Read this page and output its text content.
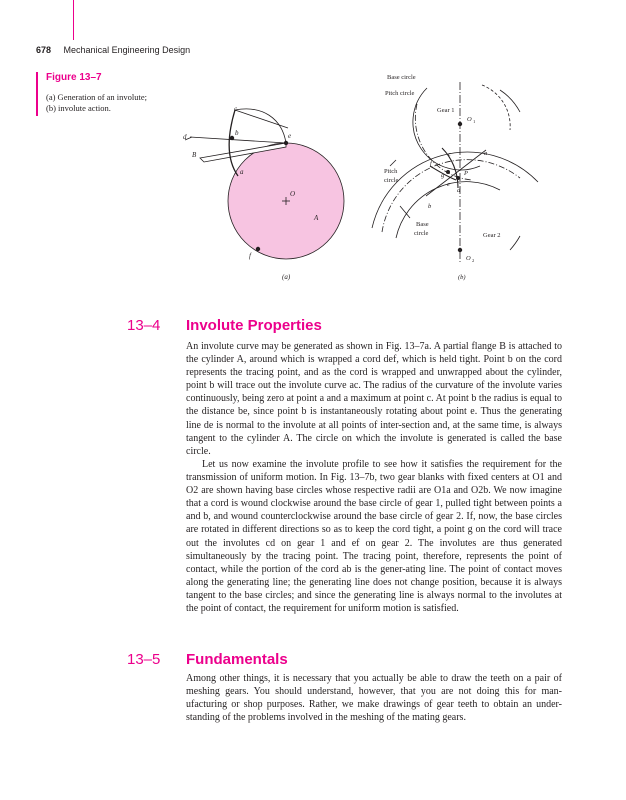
678 Mechanical Engineering Design
Figure 13–7
(a) Generation of an involute;
(b) involute action.	c
d	b	e
B
a
O
A
f
(a)
Base circle
Pitch circle
Gear 1
O 1
c	a
f
Pitch
circle
g	P
e
d
b
Base
circle	Gear 2
O 2
(b)
13–4 Involute Properties

An involute curve may be generated as shown in Fig. 13–7a. A partial flange B is attached to the cylinder A, around which is wrapped a cord def, which is held tight. Point b on the cord represents the tracing point, and as the cord is wrapped and unwrapped about the cylinder, point b will trace out the involute curve ac. The radius of the curvature of the involute varies continuously, being zero at point a and a maximum at point c. At point b the radius is equal to the distance be, since point b is instantaneously rotating about point e. Thus the generating line de is normal to the involute at all points of inter-section and, at the same time, is always tangent to the cylinder A. The circle on which the involute is generated is called the base circle.

Let us now examine the involute profile to see how it satisfies the requirement for the transmission of uniform motion. In Fig. 13–7b, two gear blanks with fixed centers at O1 and O2 are shown having base circles whose respective radii are O1a and O2b. We now imagine that a cord is wound clockwise around the base circle of gear 1, pulled tight between points a and b, and wound counterclockwise around the base circle of gear 2. If, now, the base circles are rotated in different directions so as to keep the cord tight, a point g on the cord will trace out the involutes cd on gear 1 and ef on gear 2. The involutes are thus generated simultaneously by the tracing point. The tracing point, therefore, represents the point of contact, while the portion of the cord ab is the gener-ating line. The point of contact moves along the generating line; the generating line does not change position, because it is always tangent to the base circles; and since the generating line is always normal to the involutes at the point of contact, the requirement for uniform motion is satisfied.

13–5 Fundamentals

Among other things, it is necessary that you actually be able to draw the teeth on a pair of meshing gears. You should understand, however, that you are not doing this for man-ufacturing or shop purposes. Rather, we make drawings of gear teeth to obtain an under-standing of the problems involved in the meshing of the mating gears.
